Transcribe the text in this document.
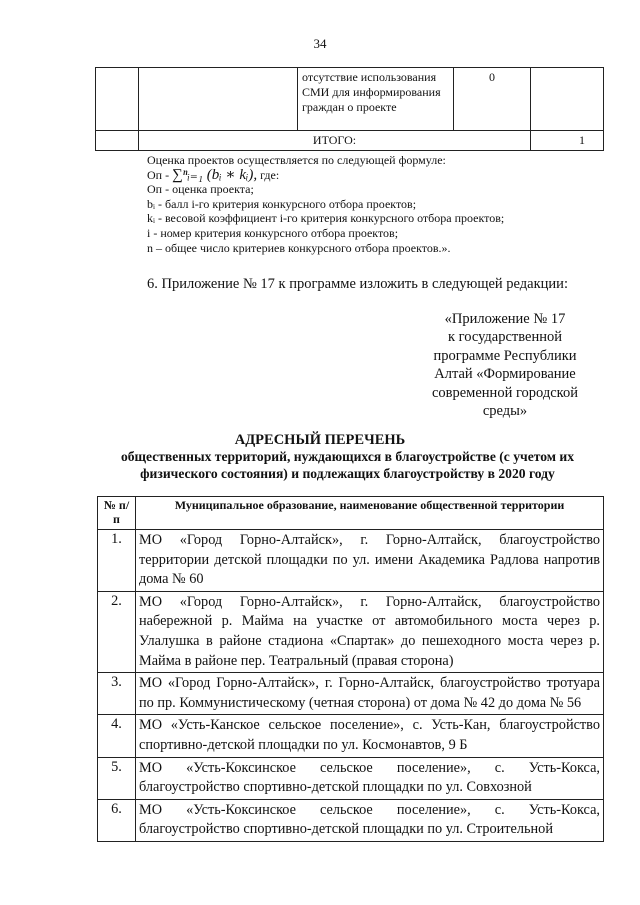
34
		отсутствие использования СМИ для информирования граждан о проекте	0	
	ИТОГО:			1
Оценка проектов осуществляется по следующей формуле:
Оп - ∑ⁿᵢ₌₁ (bᵢ ∗ kᵢ), где:
Оп - оценка проекта;
bᵢ - балл i-го критерия конкурсного отбора проектов;
kᵢ - весовой коэффициент i-го критерия конкурсного отбора проектов;
i - номер критерия конкурсного отбора проектов;
n – общее число критериев конкурсного отбора проектов.».
6. Приложение № 17 к программе изложить в следующей редакции:
«Приложение № 17
к государственной
программе Республики
Алтай «Формирование
современной городской
среды»
АДРЕСНЫЙ ПЕРЕЧЕНЬ
общественных территорий, нуждающихся в благоустройстве (с учетом их физического состояния) и подлежащих благоустройству в 2020 году
№ п/п	Муниципальное образование, наименование общественной территории
1.	МО «Город Горно-Алтайск», г. Горно-Алтайск, благоустройство территории детской площадки по ул. имени Академика Радлова напротив дома № 60
2.	МО «Город Горно-Алтайск», г. Горно-Алтайск, благоустройство набережной р. Майма на участке от автомобильного моста через р. Улалушка в районе стадиона «Спартак» до пешеходного моста через р. Майма в районе пер. Театральный (правая сторона)
3.	МО «Город Горно-Алтайск», г. Горно-Алтайск, благоустройство тротуара по пр. Коммунистическому (четная сторона) от дома № 42 до дома № 56
4.	МО «Усть-Канское сельское поселение», с. Усть-Кан, благоустройство спортивно-детской площадки по ул. Космонавтов, 9 Б
5.	МО «Усть-Коксинское сельское поселение», с. Усть-Кокса, благоустройство спортивно-детской площадки по ул. Совхозной
6.	МО «Усть-Коксинское сельское поселение», с. Усть-Кокса, благоустройство спортивно-детской площадки по ул. Строительной
